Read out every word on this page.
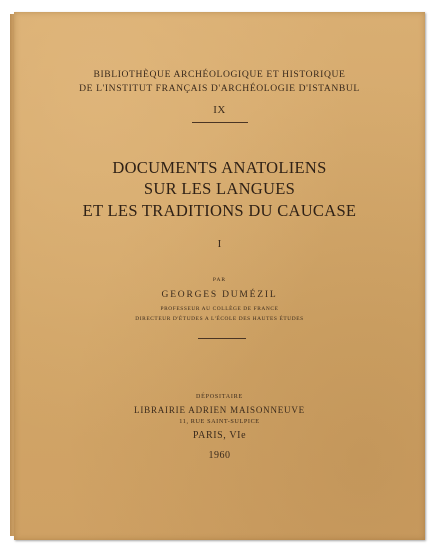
BIBLIOTHÈQUE ARCHÉOLOGIQUE ET HISTORIQUE
DE L'INSTITUT FRANÇAIS D'ARCHÉOLOGIE D'ISTANBUL
IX
DOCUMENTS ANATOLIENS
SUR LES LANGUES
ET LES TRADITIONS DU CAUCASE
I
PAR
GEORGES DUMÉZIL
PROFESSEUR AU COLLÈGE DE FRANCE
DIRECTEUR D'ÉTUDES A L'ÉCOLE DES HAUTES ÉTUDES
DÉPOSITAIRE
LIBRAIRIE ADRIEN MAISONNEUVE
11, RUE SAINT-SULPICE
PARIS, VIe
1960
